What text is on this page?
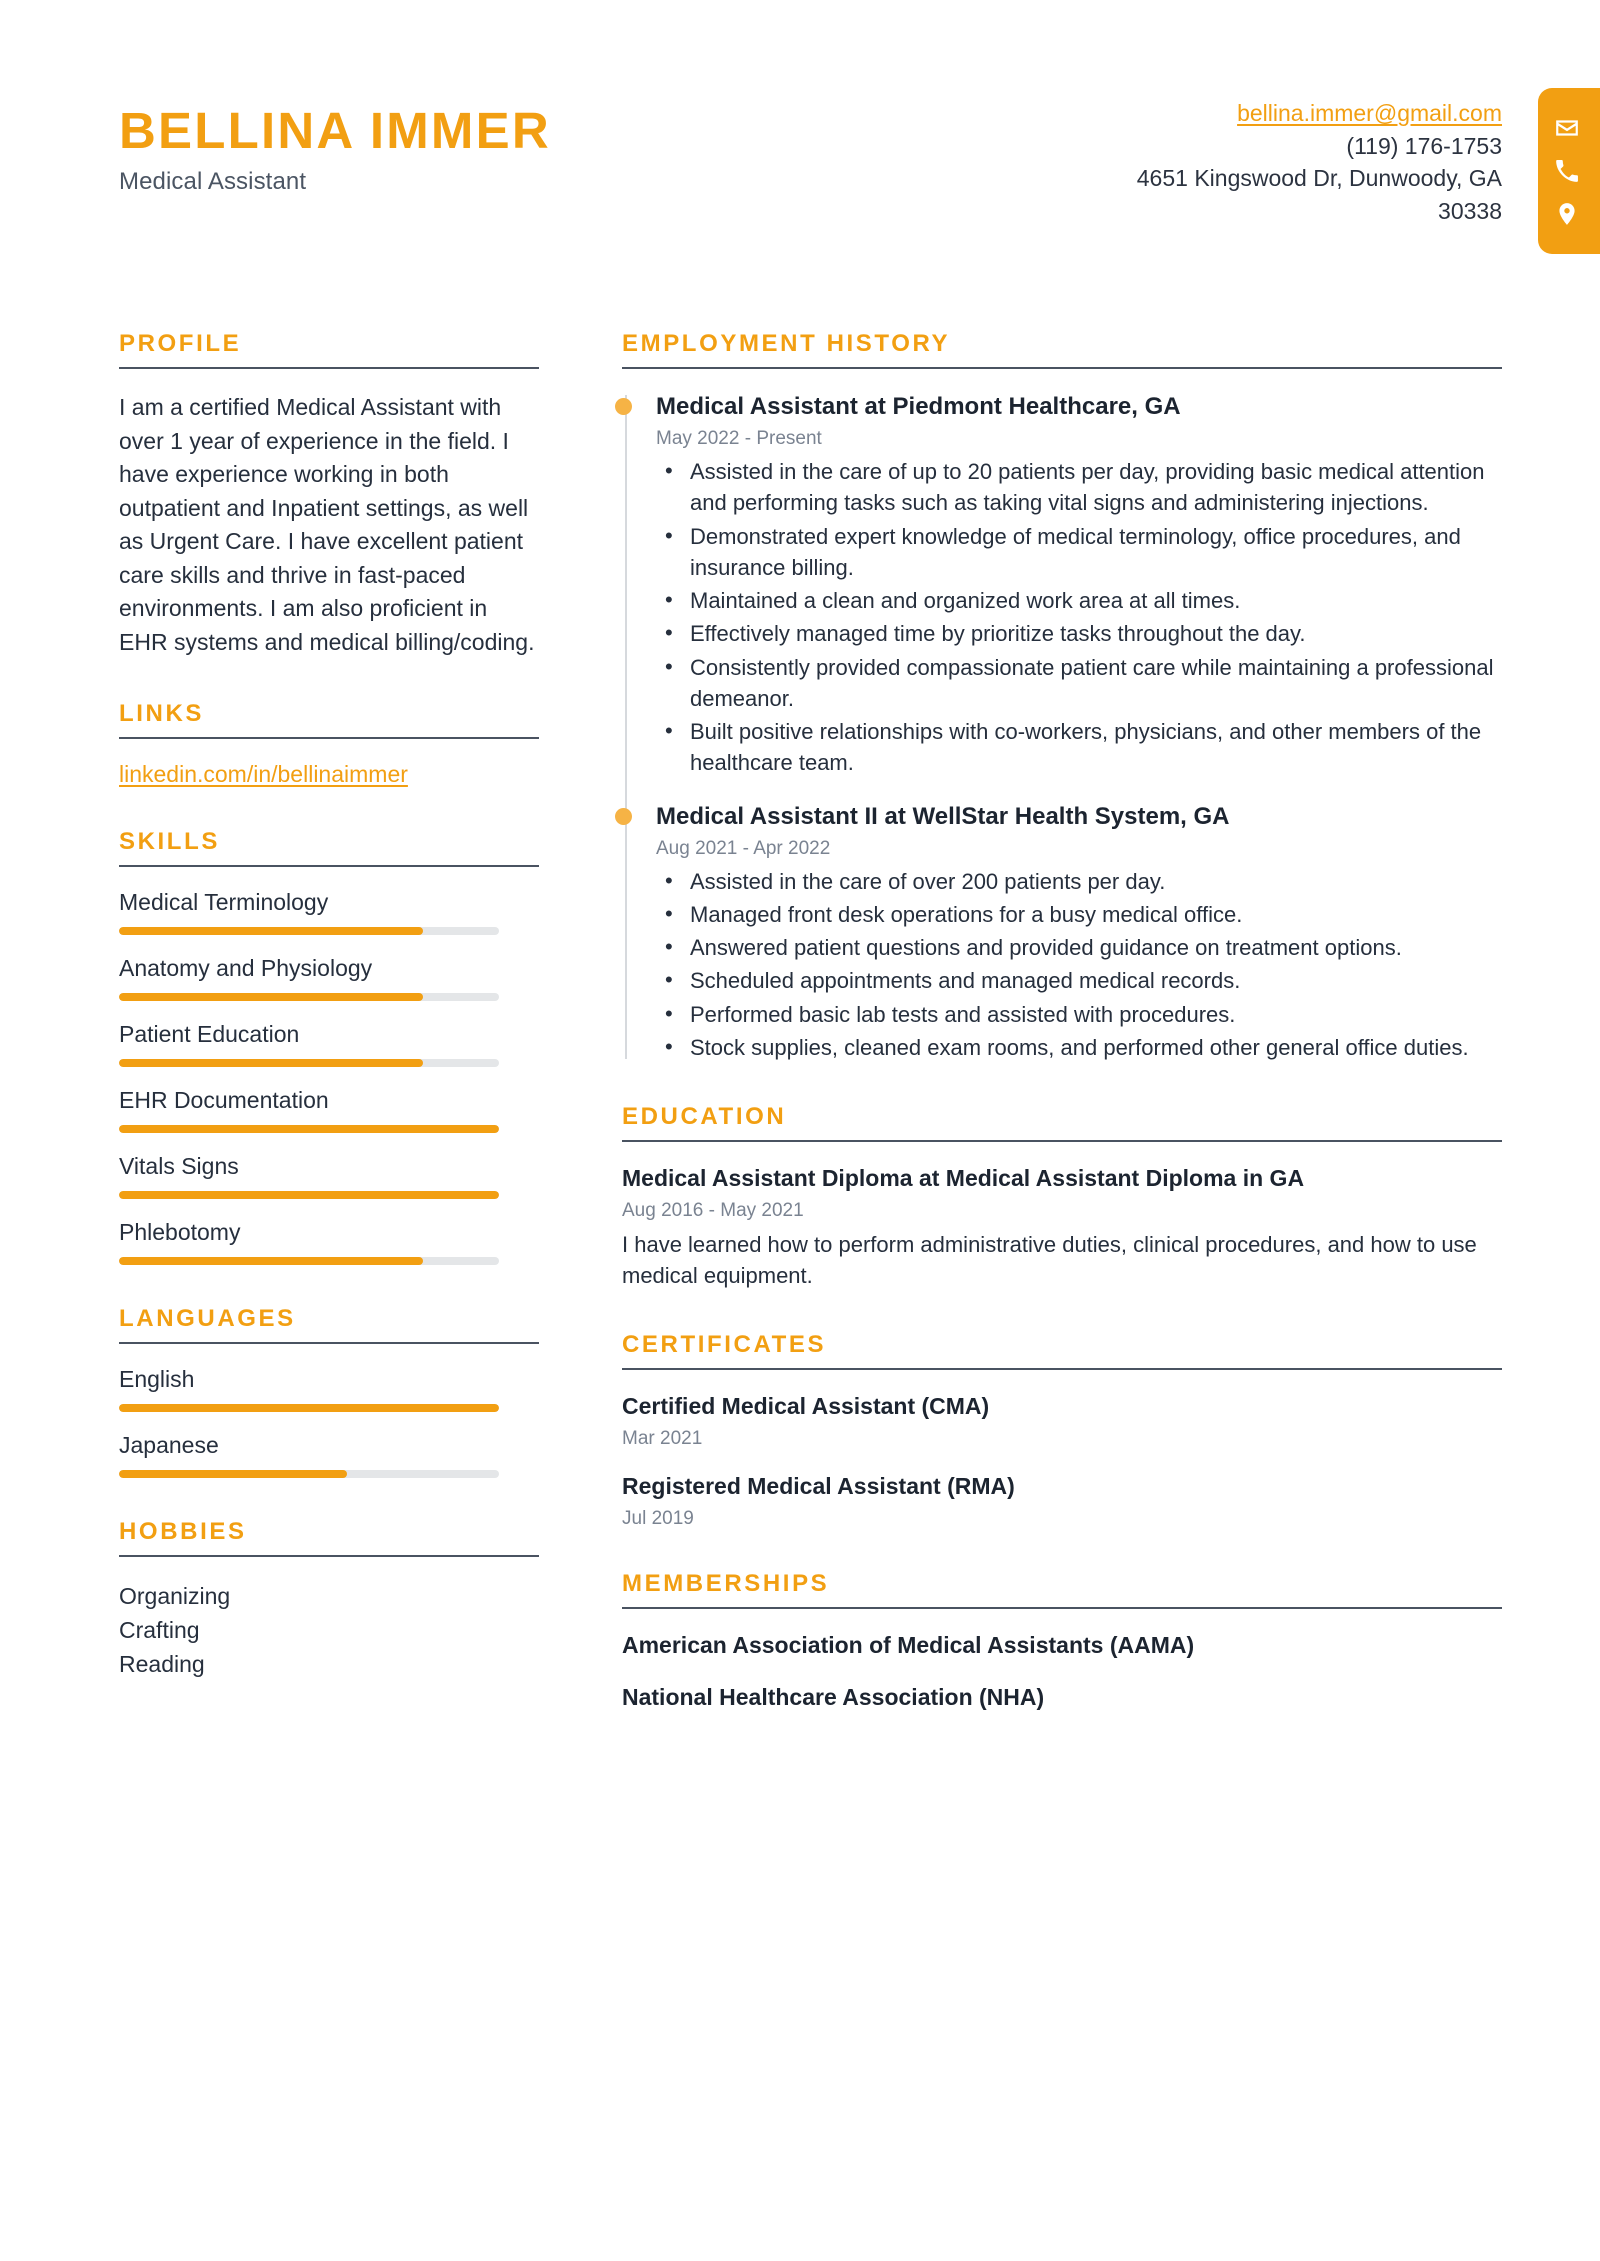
BELLINA IMMER
Medical Assistant
bellina.immer@gmail.com
(119) 176-1753
4651 Kingswood Dr, Dunwoody, GA
30338
PROFILE
I am a certified Medical Assistant with over 1 year of experience in the field. I have experience working in both outpatient and Inpatient settings, as well as Urgent Care. I have excellent patient care skills and thrive in fast-paced environments. I am also proficient in EHR systems and medical billing/coding.
LINKS
linkedin.com/in/bellinaimmer
SKILLS
Medical Terminology
Anatomy and Physiology
Patient Education
EHR Documentation
Vitals Signs
Phlebotomy
LANGUAGES
English
Japanese
HOBBIES
Organizing
Crafting
Reading
EMPLOYMENT HISTORY
Medical Assistant at Piedmont Healthcare, GA
May 2022 - Present
• Assisted in the care of up to 20 patients per day, providing basic medical attention and performing tasks such as taking vital signs and administering injections.
• Demonstrated expert knowledge of medical terminology, office procedures, and insurance billing.
• Maintained a clean and organized work area at all times.
• Effectively managed time by prioritize tasks throughout the day.
• Consistently provided compassionate patient care while maintaining a professional demeanor.
• Built positive relationships with co-workers, physicians, and other members of the healthcare team.
Medical Assistant II at WellStar Health System, GA
Aug 2021 - Apr 2022
• Assisted in the care of over 200 patients per day.
• Managed front desk operations for a busy medical office.
• Answered patient questions and provided guidance on treatment options.
• Scheduled appointments and managed medical records.
• Performed basic lab tests and assisted with procedures.
• Stock supplies, cleaned exam rooms, and performed other general office duties.
EDUCATION
Medical Assistant Diploma at Medical Assistant Diploma in GA
Aug 2016 - May 2021
I have learned how to perform administrative duties, clinical procedures, and how to use medical equipment.
CERTIFICATES
Certified Medical Assistant (CMA)
Mar 2021
Registered Medical Assistant (RMA)
Jul 2019
MEMBERSHIPS
American Association of Medical Assistants (AAMA)
National Healthcare Association (NHA)
